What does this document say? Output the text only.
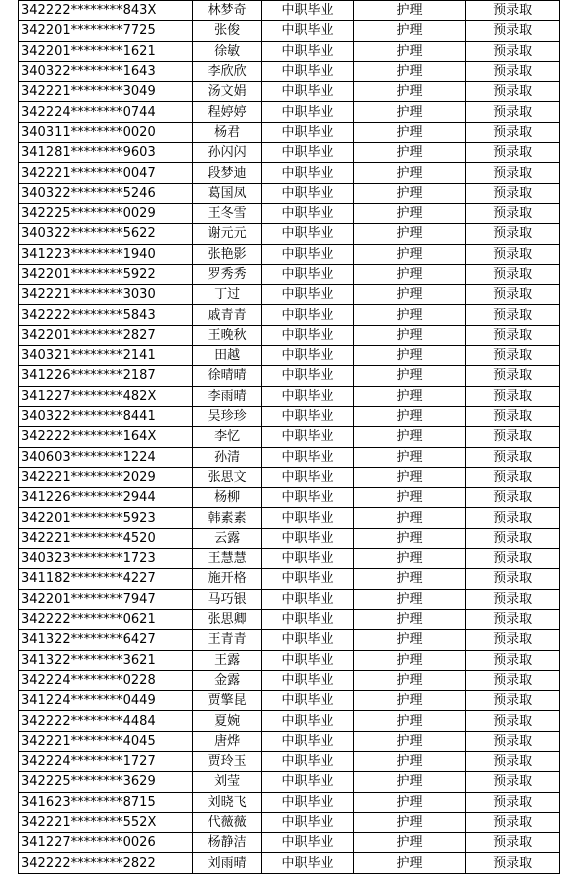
342222********843X	林梦奇	中职毕业	护理	预录取
342201********7725	张俊	中职毕业	护理	预录取
342201********1621	徐敏	中职毕业	护理	预录取
340322********1643	李欣欣	中职毕业	护理	预录取
342221********3049	汤文娟	中职毕业	护理	预录取
342224********0744	程婷婷	中职毕业	护理	预录取
340311********0020	杨君	中职毕业	护理	预录取
341281********9603	孙闪闪	中职毕业	护理	预录取
342221********0047	段梦迪	中职毕业	护理	预录取
340322********5246	葛国凤	中职毕业	护理	预录取
342225********0029	王冬雪	中职毕业	护理	预录取
340322********5622	谢元元	中职毕业	护理	预录取
341223********1940	张艳影	中职毕业	护理	预录取
342201********5922	罗秀秀	中职毕业	护理	预录取
342221********3030	丁过	中职毕业	护理	预录取
342222********5843	戚青青	中职毕业	护理	预录取
342201********2827	王晚秋	中职毕业	护理	预录取
340321********2141	田越	中职毕业	护理	预录取
341226********2187	徐晴晴	中职毕业	护理	预录取
341227********482X	李雨晴	中职毕业	护理	预录取
340322********8441	吴珍珍	中职毕业	护理	预录取
342222********164X	李忆	中职毕业	护理	预录取
340603********1224	孙清	中职毕业	护理	预录取
342221********2029	张思文	中职毕业	护理	预录取
341226********2944	杨柳	中职毕业	护理	预录取
342201********5923	韩素素	中职毕业	护理	预录取
342221********4520	云露	中职毕业	护理	预录取
340323********1723	王慧慧	中职毕业	护理	预录取
341182********4227	施开格	中职毕业	护理	预录取
342201********7947	马巧银	中职毕业	护理	预录取
342222********0621	张思卿	中职毕业	护理	预录取
341322********6427	王青青	中职毕业	护理	预录取
341322********3621	王露	中职毕业	护理	预录取
342224********0228	金露	中职毕业	护理	预录取
341224********0449	贾擎昆	中职毕业	护理	预录取
342222********4484	夏婉	中职毕业	护理	预录取
342221********4045	唐烨	中职毕业	护理	预录取
342224********1727	贾玲玉	中职毕业	护理	预录取
342225********3629	刘莹	中职毕业	护理	预录取
341623********8715	刘晓飞	中职毕业	护理	预录取
342221********552X	代薇薇	中职毕业	护理	预录取
341227********0026	杨静洁	中职毕业	护理	预录取
342222********2822	刘雨晴	中职毕业	护理	预录取
